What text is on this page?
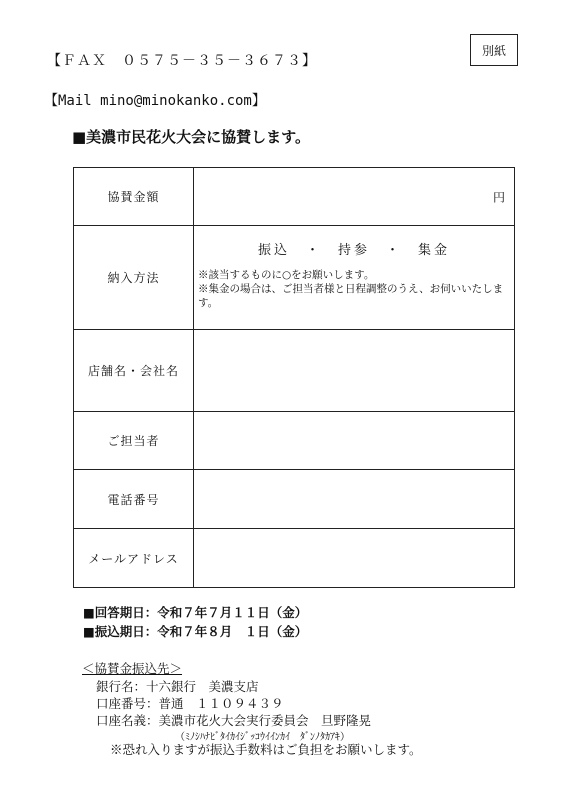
別紙
【ＦＡＸ　０５７５－３５－３６７３】
【Mail mino@minokanko.com】
■美濃市民花火大会に協賛します。
協賛金額	円

納入方法	振込　・　持参　・　集金
※該当するものに○をお願いします。
※集金の場合は、ご担当者様と日程調整のうえ、お伺いいたします。

店舗名・会社名	
ご担当者	
電話番号	
メールアドレス	
■回答期日：令和７年７月１１日（金）
■振込期日：令和７年８月　１日（金）
＜協賛金振込先＞
銀行名：十六銀行　美濃支店
口座番号：普通　１１０９４３９
口座名義：美濃市花火大会実行委員会　旦野隆晃
（ﾐﾉｼﾊﾅﾋﾞﾀｲｶｲｼﾞｯｺｳｲｲﾝｶｲ　ﾀﾞﾝﾉﾀｶｱｷ）
※恐れ入りますが振込手数料はご負担をお願いします。
